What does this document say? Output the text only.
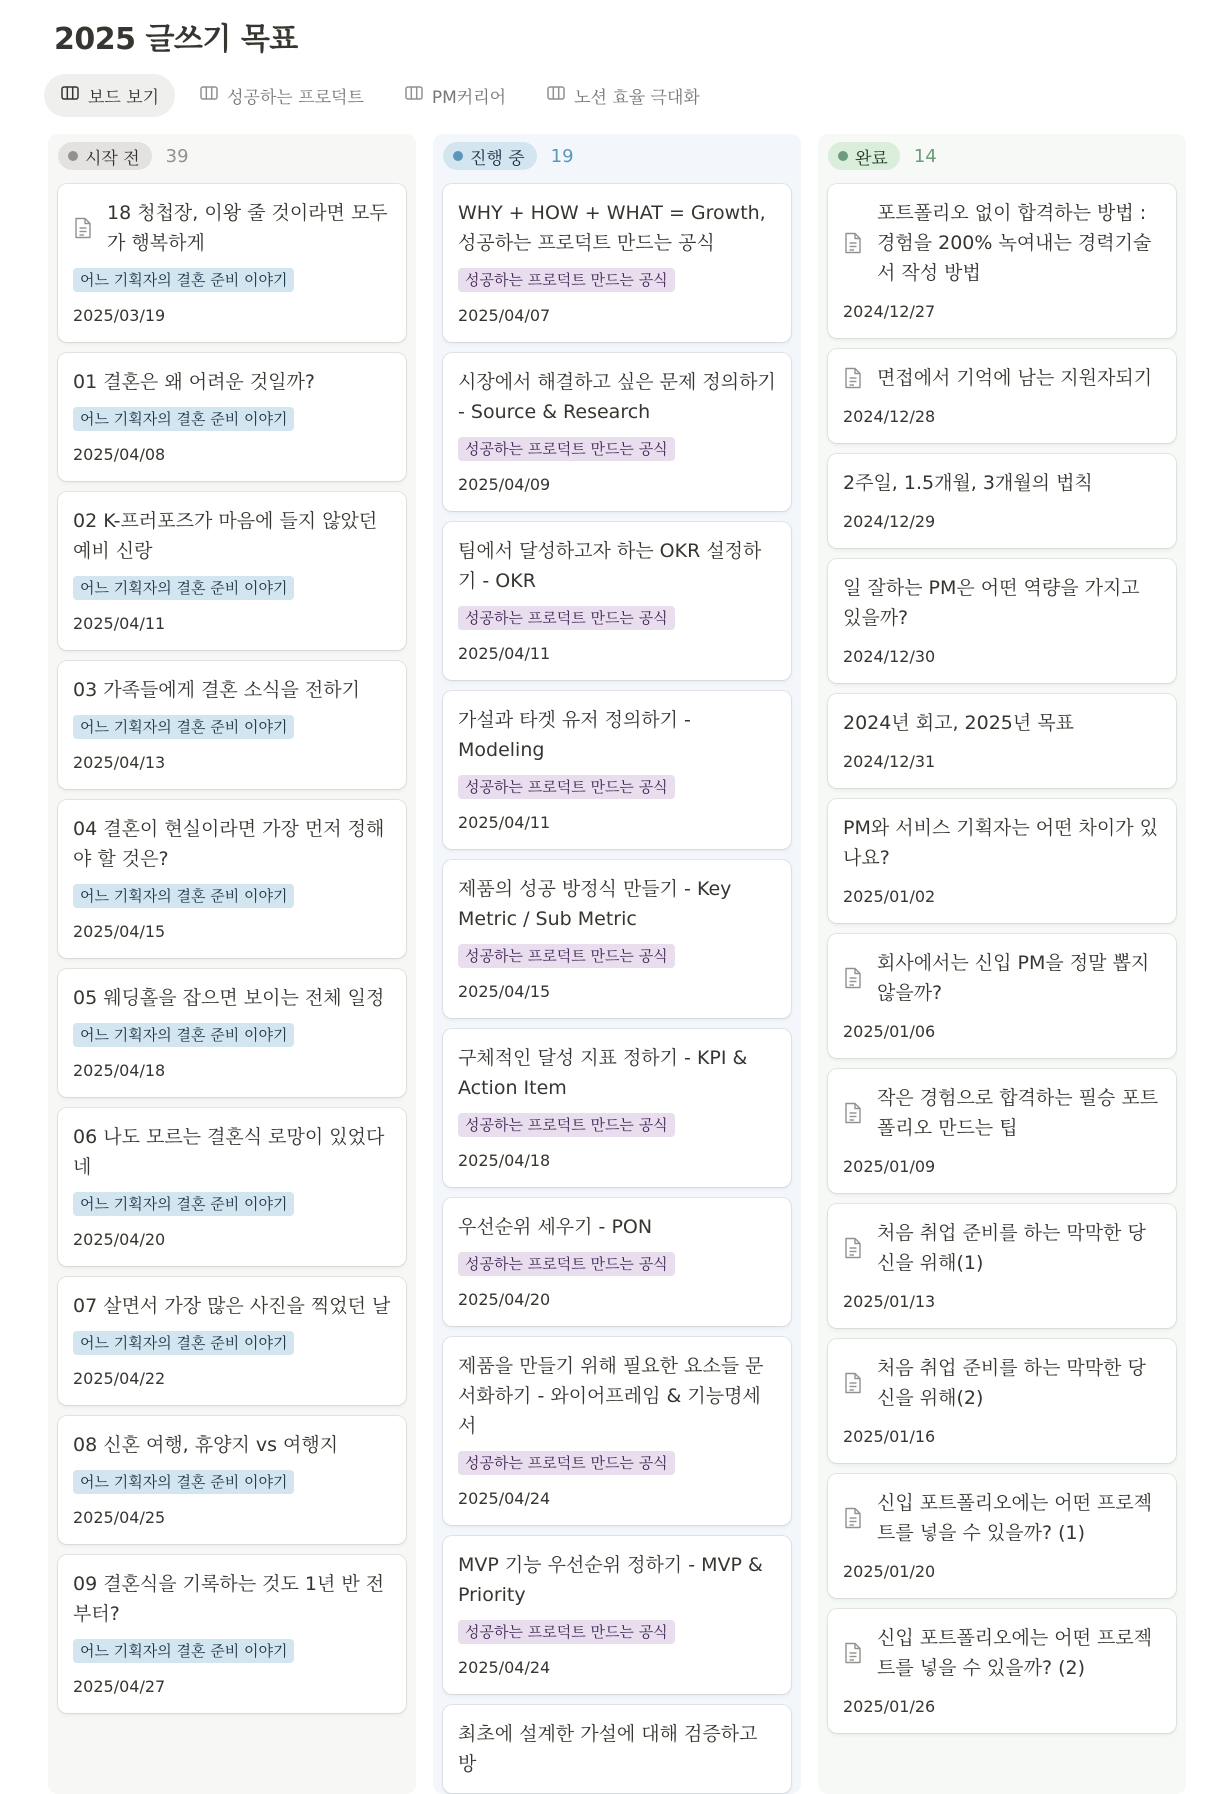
2025 글쓰기 목표
보드 보기	성공하는 프로덕트	PM커리어	노션 효율 극대화
시작 전 39
18 청첩장, 이왕 줄 것이라면 모두가 행복하게
어느 기획자의 결혼 준비 이야기
2025/03/19
01 결혼은 왜 어려운 것일까?
어느 기획자의 결혼 준비 이야기
2025/04/08
02 K-프러포즈가 마음에 들지 않았던 예비 신랑
어느 기획자의 결혼 준비 이야기
2025/04/11
03 가족들에게 결혼 소식을 전하기
어느 기획자의 결혼 준비 이야기
2025/04/13
04 결혼이 현실이라면 가장 먼저 정해야 할 것은?
어느 기획자의 결혼 준비 이야기
2025/04/15
05 웨딩홀을 잡으면 보이는 전체 일정
어느 기획자의 결혼 준비 이야기
2025/04/18
06 나도 모르는 결혼식 로망이 있었다네
어느 기획자의 결혼 준비 이야기
2025/04/20
07 살면서 가장 많은 사진을 찍었던 날
어느 기획자의 결혼 준비 이야기
2025/04/22
08 신혼 여행, 휴양지 vs 여행지
어느 기획자의 결혼 준비 이야기
2025/04/25
09 결혼식을 기록하는 것도 1년 반 전부터?
어느 기획자의 결혼 준비 이야기
2025/04/27
진행 중 19
WHY + HOW + WHAT = Growth, 성공하는 프로덕트 만드는 공식
성공하는 프로덕트 만드는 공식
2025/04/07
시장에서 해결하고 싶은 문제 정의하기 - Source & Research
성공하는 프로덕트 만드는 공식
2025/04/09
팀에서 달성하고자 하는 OKR 설정하기 - OKR
성공하는 프로덕트 만드는 공식
2025/04/11
가설과 타겟 유저 정의하기 - Modeling
성공하는 프로덕트 만드는 공식
2025/04/11
제품의 성공 방정식 만들기 - Key Metric / Sub Metric
성공하는 프로덕트 만드는 공식
2025/04/15
구체적인 달성 지표 정하기 - KPI & Action Item
성공하는 프로덕트 만드는 공식
2025/04/18
우선순위 세우기 - PON
성공하는 프로덕트 만드는 공식
2025/04/20
제품을 만들기 위해 필요한 요소들 문서화하기 - 와이어프레임 & 기능명세서
성공하는 프로덕트 만드는 공식
2025/04/24
MVP 기능 우선순위 정하기 - MVP & Priority
성공하는 프로덕트 만드는 공식
2025/04/24
최초에 설계한 가설에 대해 검증하고 방
완료 14
포트폴리오 없이 합격하는 방법 : 경험을 200% 녹여내는 경력기술서 작성 방법
2024/12/27
면접에서 기억에 남는 지원자되기
2024/12/28
2주일, 1.5개월, 3개월의 법칙
2024/12/29
일 잘하는 PM은 어떤 역량을 가지고 있을까?
2024/12/30
2024년 회고, 2025년 목표
2024/12/31
PM와 서비스 기획자는 어떤 차이가 있나요?
2025/01/02
회사에서는 신입 PM을 정말 뽑지 않을까?
2025/01/06
작은 경험으로 합격하는 필승 포트폴리오 만드는 팁
2025/01/09
처음 취업 준비를 하는 막막한 당신을 위해(1)
2025/01/13
처음 취업 준비를 하는 막막한 당신을 위해(2)
2025/01/16
신입 포트폴리오에는 어떤 프로젝트를 넣을 수 있을까? (1)
2025/01/20
신입 포트폴리오에는 어떤 프로젝트를 넣을 수 있을까? (2)
2025/01/26
